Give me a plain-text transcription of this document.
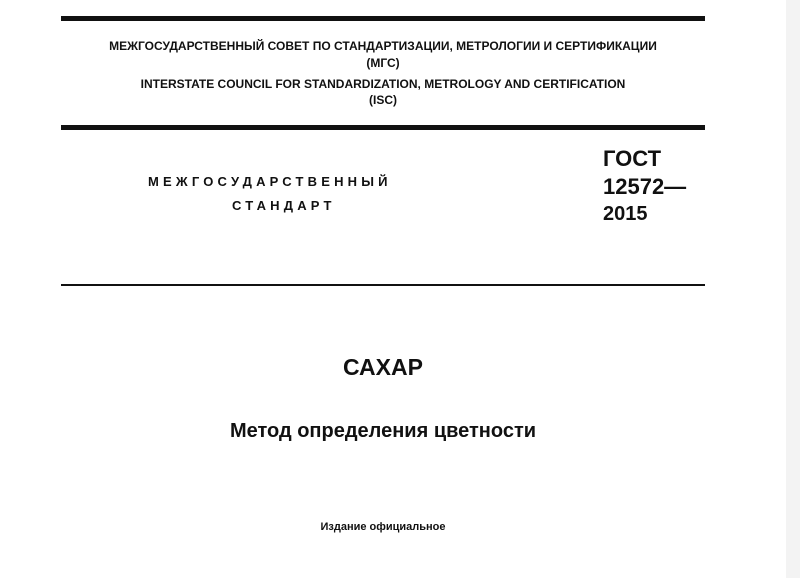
МЕЖГОСУДАРСТВЕННЫЙ СОВЕТ ПО СТАНДАРТИЗАЦИИ, МЕТРОЛОГИИ И СЕРТИФИКАЦИИ
(МГС)
INTERSTATE COUNCIL FOR STANDARDIZATION, METROLOGY AND CERTIFICATION
(ISC)
МЕЖГОСУДАРСТВЕННЫЙ
СТАНДАРТ
ГОСТ
12572—
2015
САХАР
Метод определения цветности
Издание официальное
